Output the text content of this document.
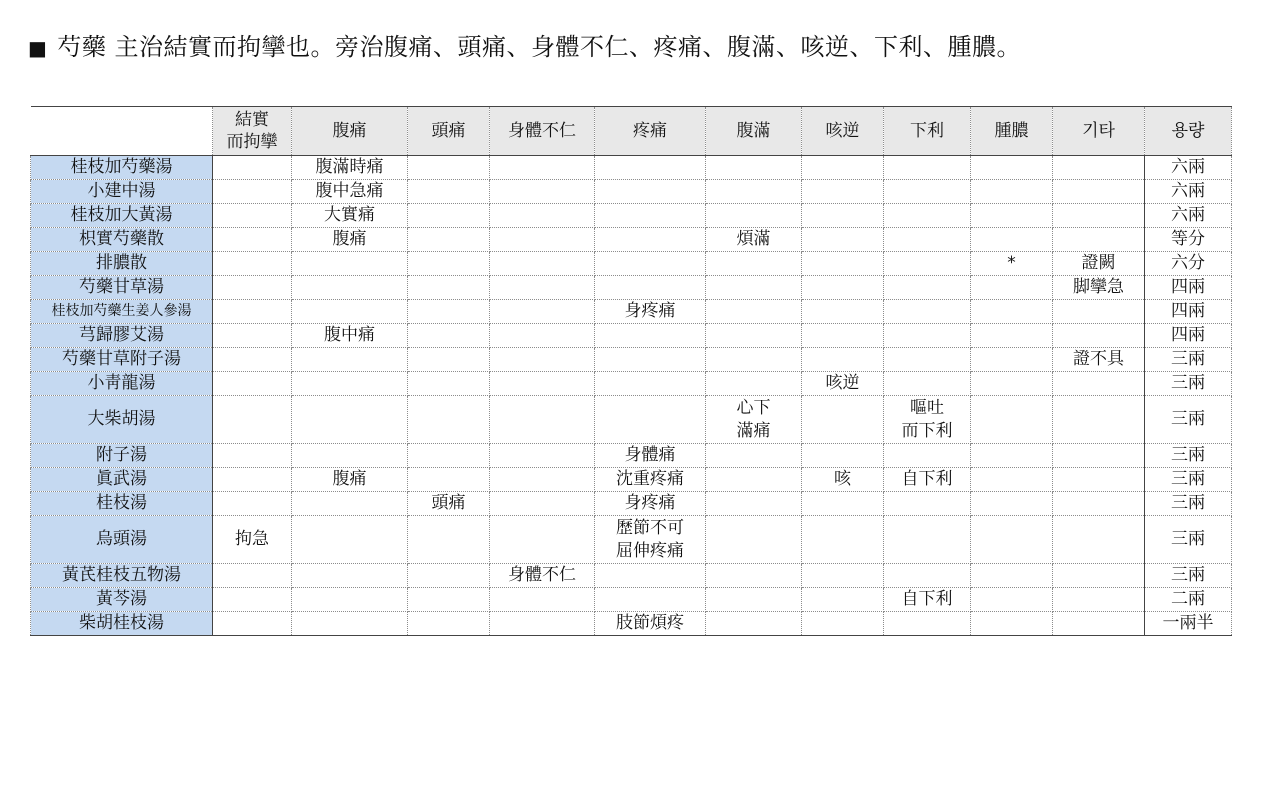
■ 芍藥 主治結實而拘攣也。旁治腹痛、頭痛、身體不仁、疼痛、腹滿、咳逆、下利、腫膿。
	結實
而拘攣	腹痛	頭痛	身體不仁	疼痛	腹滿	咳逆	下利	腫膿	기타	용량
桂枝加芍藥湯		腹滿時痛									六兩
小建中湯		腹中急痛									六兩
桂枝加大黃湯		大實痛									六兩
枳實芍藥散		腹痛				煩滿					等分
排膿散									*	證闕	六分
芍藥甘草湯										脚攣急	四兩
桂枝加芍藥生姜人參湯					身疼痛						四兩
芎歸膠艾湯		腹中痛									四兩
芍藥甘草附子湯										證不具	三兩
小靑龍湯							咳逆				三兩
大柴胡湯						心下
滿痛		嘔吐
而下利			三兩
附子湯					身體痛						三兩
眞武湯		腹痛			沈重疼痛		咳	自下利			三兩
桂枝湯			頭痛		身疼痛						三兩
烏頭湯	拘急				歷節不可
屈伸疼痛						三兩
黃芪桂枝五物湯				身體不仁							三兩
黃芩湯								自下利			二兩
柴胡桂枝湯					肢節煩疼						一兩半
